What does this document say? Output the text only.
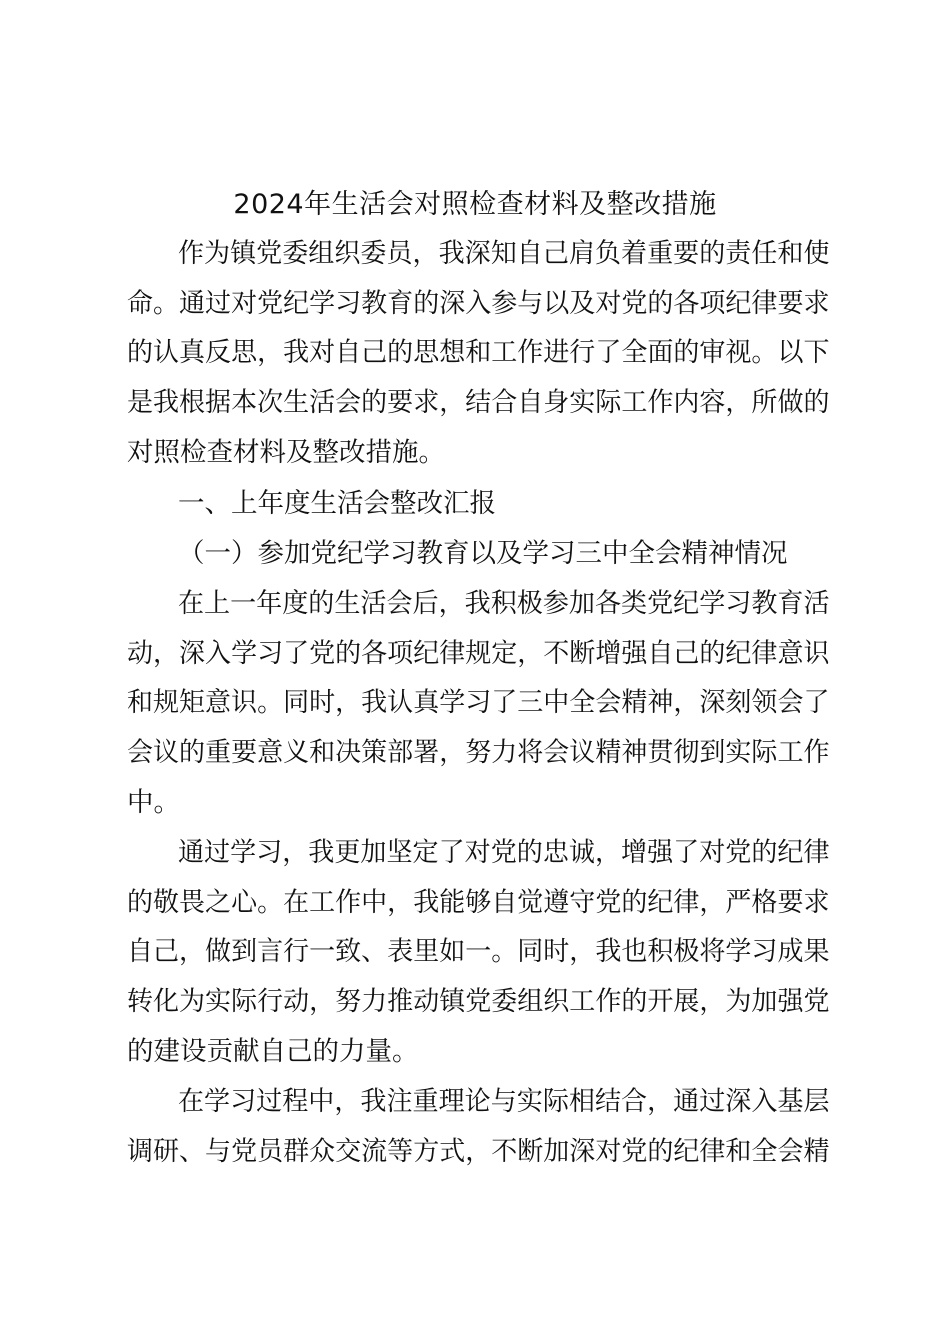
2024年生活会对照检查材料及整改措施
作为镇党委组织委员，我深知自己肩负着重要的责任和使
命。通过对党纪学习教育的深入参与以及对党的各项纪律要求
的认真反思，我对自己的思想和工作进行了全面的审视。以下
是我根据本次生活会的要求，结合自身实际工作内容，所做的
对照检查材料及整改措施。
一、上年度生活会整改汇报
（一）参加党纪学习教育以及学习三中全会精神情况
在上一年度的生活会后，我积极参加各类党纪学习教育活
动，深入学习了党的各项纪律规定，不断增强自己的纪律意识
和规矩意识。同时，我认真学习了三中全会精神，深刻领会了
会议的重要意义和决策部署，努力将会议精神贯彻到实际工作
中。
通过学习，我更加坚定了对党的忠诚，增强了对党的纪律
的敬畏之心。在工作中，我能够自觉遵守党的纪律，严格要求
自己，做到言行一致、表里如一。同时，我也积极将学习成果
转化为实际行动，努力推动镇党委组织工作的开展，为加强党
的建设贡献自己的力量。
在学习过程中，我注重理论与实际相结合，通过深入基层
调研、与党员群众交流等方式，不断加深对党的纪律和全会精
